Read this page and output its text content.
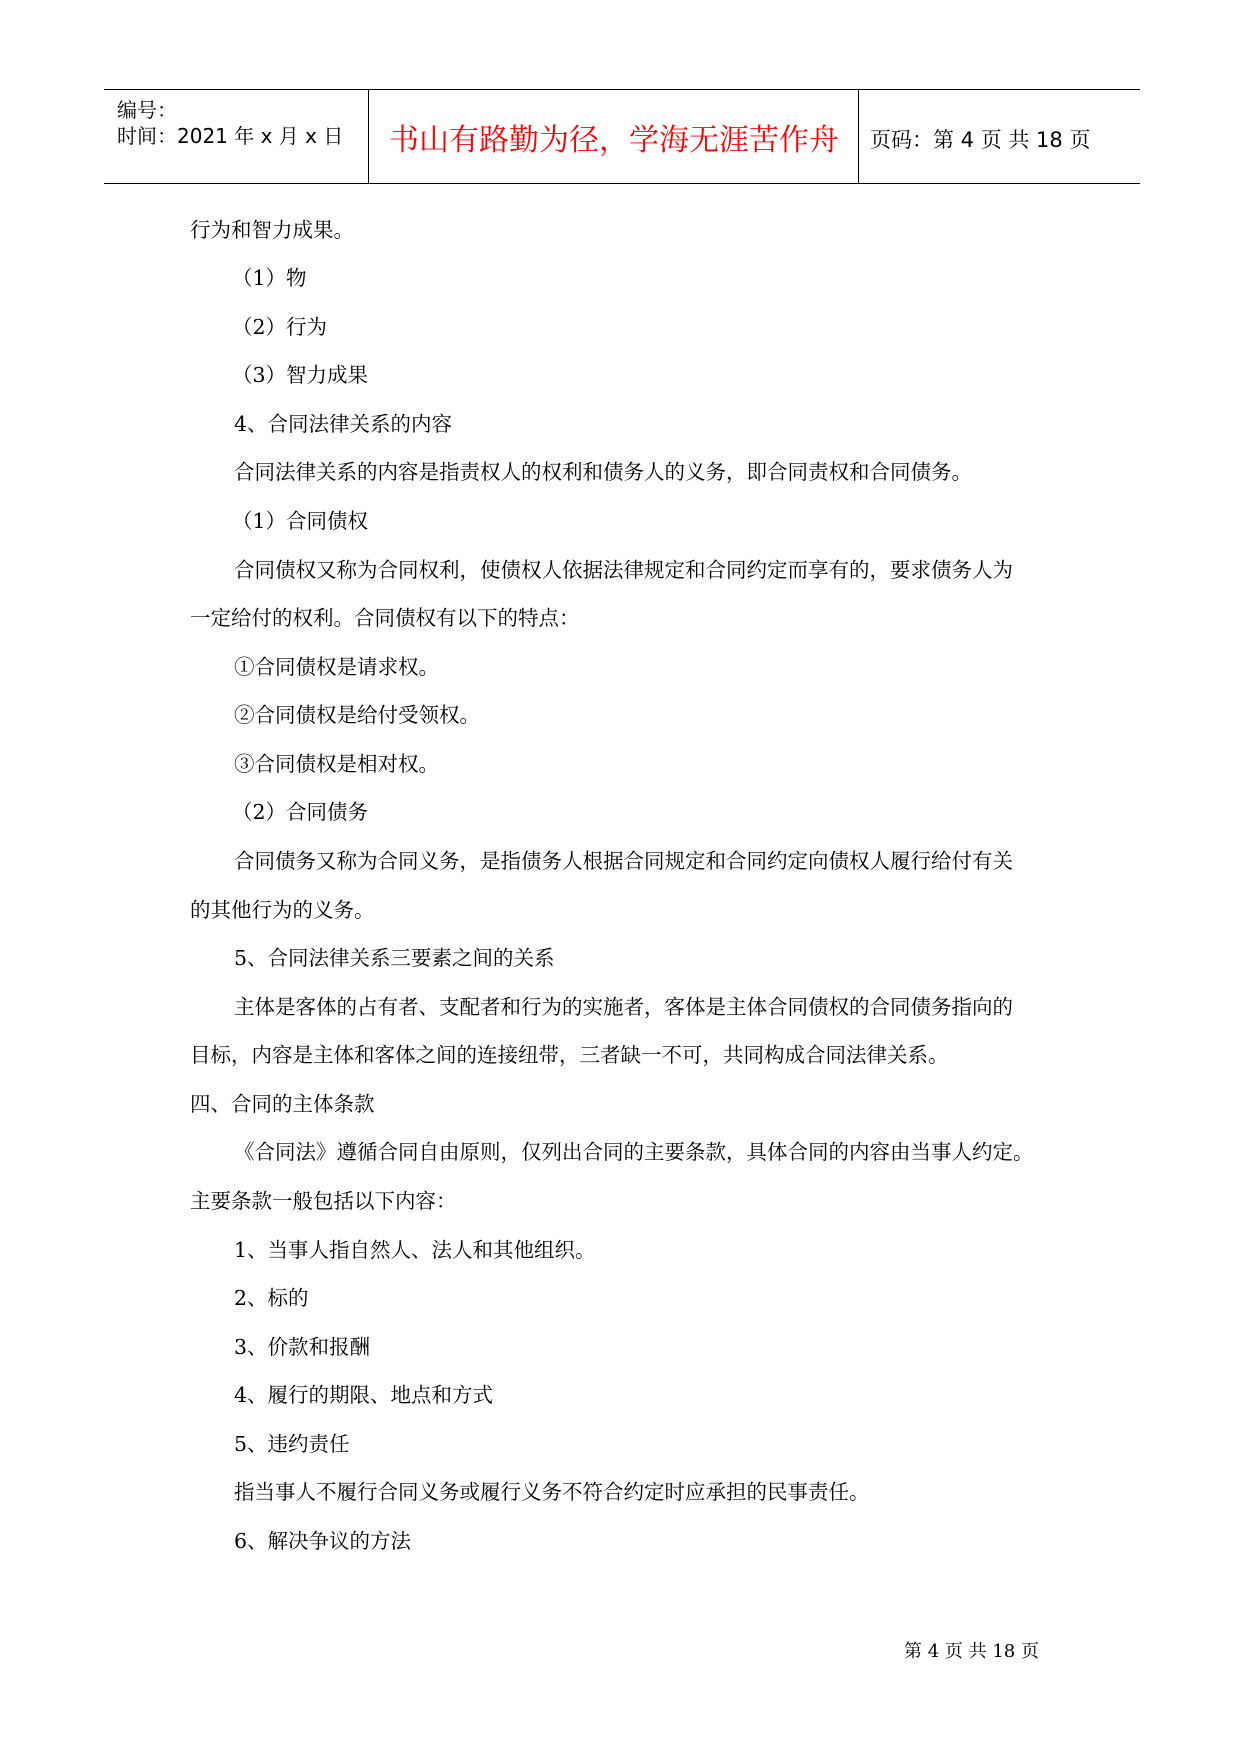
编号：
时间：2021 年 x 月 x 日	书山有路勤为径，学海无涯苦作舟	页码：第 4 页 共 18 页
行为和智力成果。
（1）物
（2）行为
（3）智力成果
4、合同法律关系的内容
合同法律关系的内容是指责权人的权利和债务人的义务，即合同责权和合同债务。
（1）合同债权
合同债权又称为合同权利，使债权人依据法律规定和合同约定而享有的，要求债务人为
一定给付的权利。合同债权有以下的特点：
①合同债权是请求权。
②合同债权是给付受领权。
③合同债权是相对权。
（2）合同债务
合同债务又称为合同义务，是指债务人根据合同规定和合同约定向债权人履行给付有关
的其他行为的义务。
5、合同法律关系三要素之间的关系
主体是客体的占有者、支配者和行为的实施者，客体是主体合同债权的合同债务指向的
目标，内容是主体和客体之间的连接纽带，三者缺一不可，共同构成合同法律关系。
四、合同的主体条款
《合同法》遵循合同自由原则，仅列出合同的主要条款，具体合同的内容由当事人约定。
主要条款一般包括以下内容：
1、当事人指自然人、法人和其他组织。
2、标的
3、价款和报酬
4、履行的期限、地点和方式
5、违约责任
指当事人不履行合同义务或履行义务不符合约定时应承担的民事责任。
6、解决争议的方法
第 4 页 共 18 页
